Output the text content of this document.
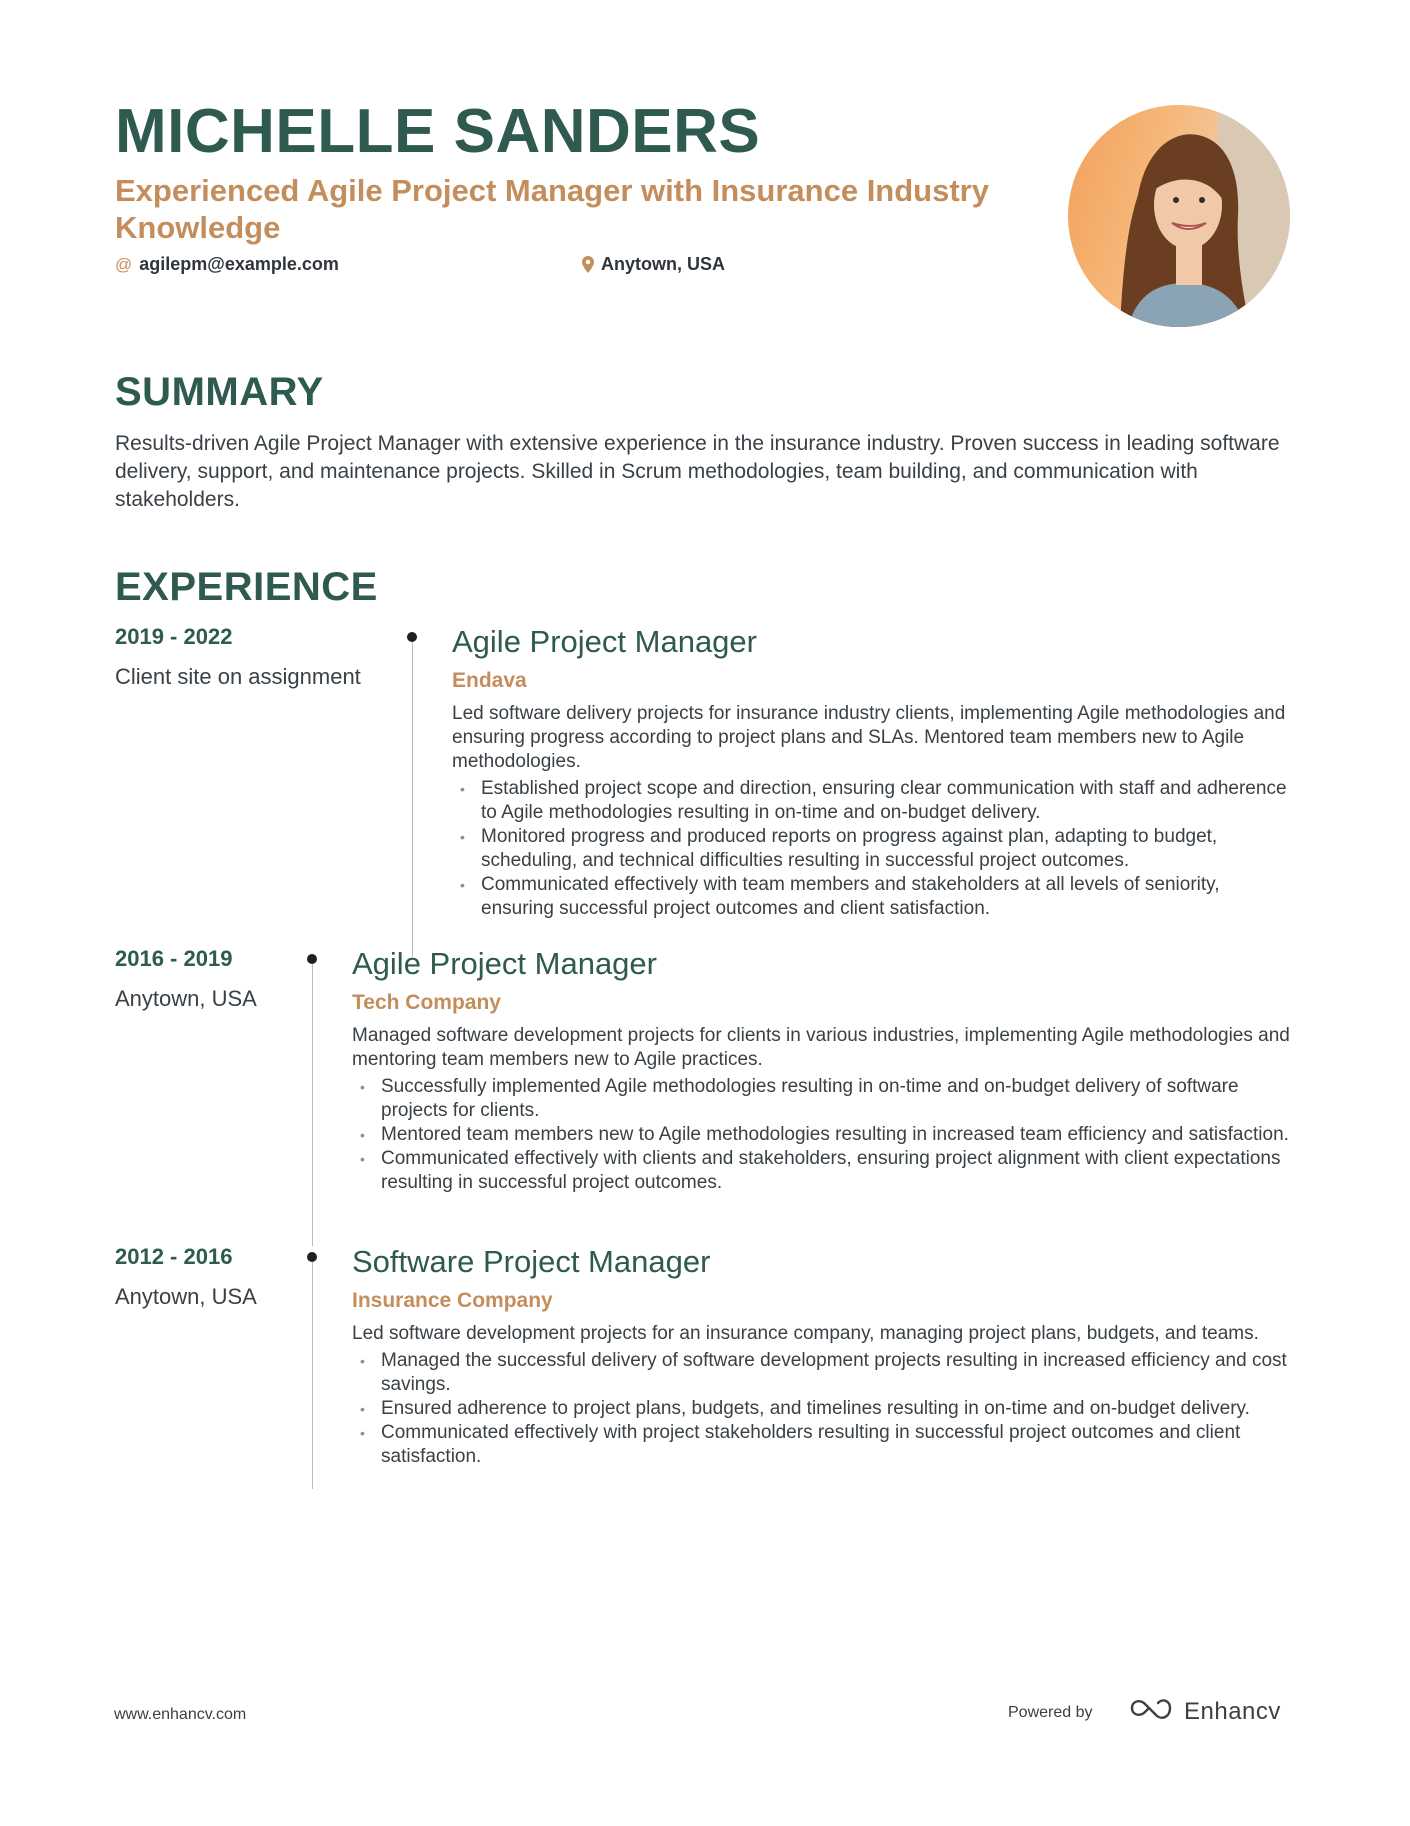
MICHELLE SANDERS
Experienced Agile Project Manager with Insurance Industry Knowledge
@ agilepm@example.com	Anytown, USA
SUMMARY

Results-driven Agile Project Manager with extensive experience in the insurance industry. Proven success in leading software delivery, support, and maintenance projects. Skilled in Scrum methodologies, team building, and communication with stakeholders.

EXPERIENCE
2019 - 2022
Client site on assignment
Agile Project Manager
Endava
Led software delivery projects for insurance industry clients, implementing Agile methodologies and ensuring progress according to project plans and SLAs. Mentored team members new to Agile methodologies.
• Established project scope and direction, ensuring clear communication with staff and adherence to Agile methodologies resulting in on-time and on-budget delivery.
• Monitored progress and produced reports on progress against plan, adapting to budget, scheduling, and technical difficulties resulting in successful project outcomes.
• Communicated effectively with team members and stakeholders at all levels of seniority, ensuring successful project outcomes and client satisfaction.
2016 - 2019
Anytown, USA
Agile Project Manager
Tech Company
Managed software development projects for clients in various industries, implementing Agile methodologies and mentoring team members new to Agile practices.
• Successfully implemented Agile methodologies resulting in on-time and on-budget delivery of software projects for clients.
• Mentored team members new to Agile methodologies resulting in increased team efficiency and satisfaction.
• Communicated effectively with clients and stakeholders, ensuring project alignment with client expectations resulting in successful project outcomes.
2012 - 2016
Anytown, USA
Software Project Manager
Insurance Company
Led software development projects for an insurance company, managing project plans, budgets, and teams.
• Managed the successful delivery of software development projects resulting in increased efficiency and cost savings.
• Ensured adherence to project plans, budgets, and timelines resulting in on-time and on-budget delivery.
• Communicated effectively with project stakeholders resulting in successful project outcomes and client satisfaction.
www.enhancv.com	Powered by	Enhancv
